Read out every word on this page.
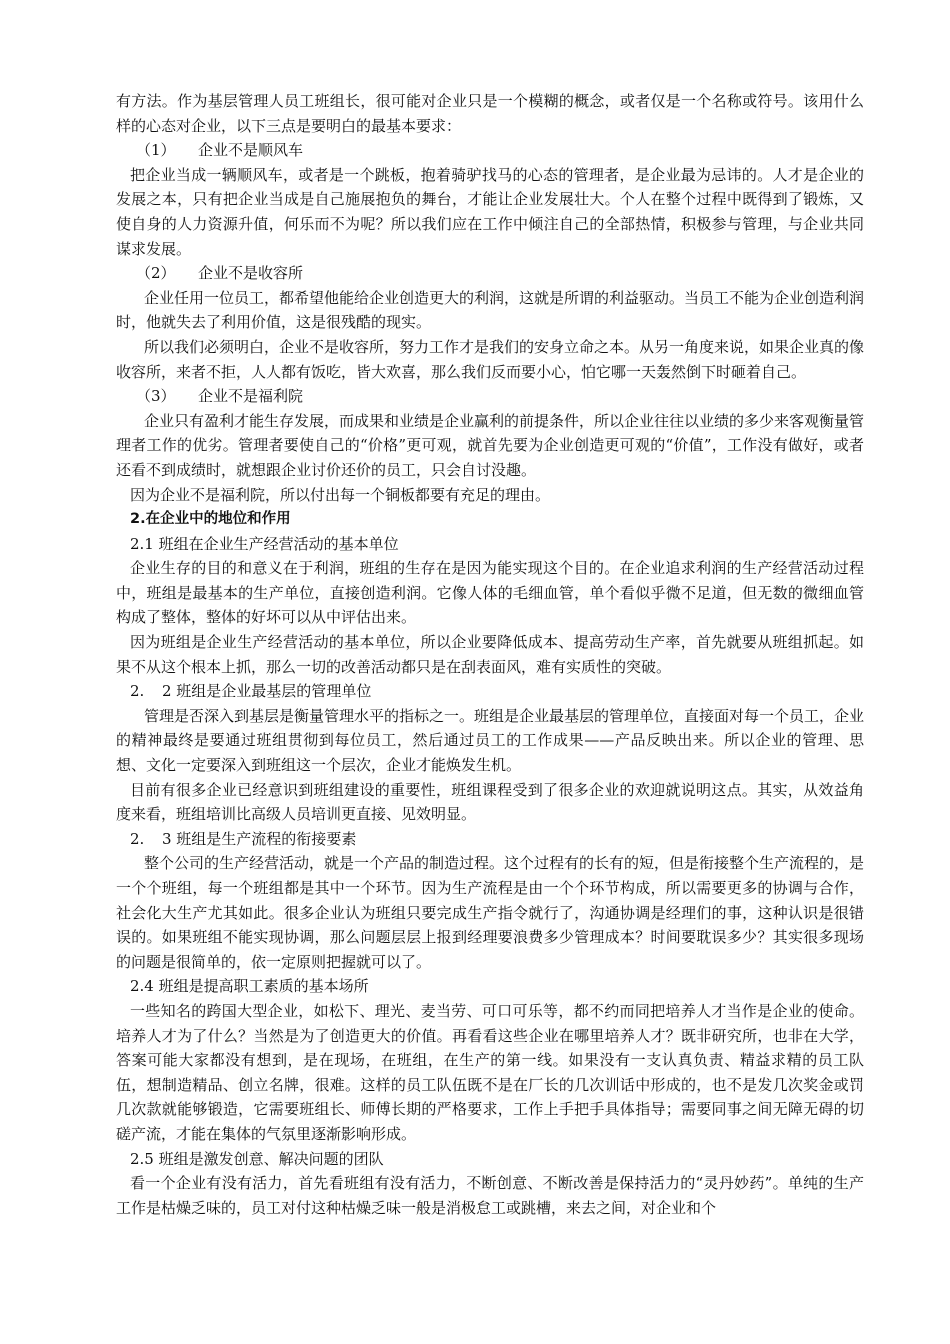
有方法。作为基层管理人员工班组长，很可能对企业只是一个模糊的概念，或者仅是一个名称或符号。该用什么样的心态对企业，以下三点是要明白的最基本要求：

（1） 企业不是顺风车

把企业当成一辆顺风车，或者是一个跳板，抱着骑驴找马的心态的管理者，是企业最为忌讳的。人才是企业的发展之本，只有把企业当成是自己施展抱负的舞台，才能让企业发展壮大。个人在整个过程中既得到了锻炼，又使自身的人力资源升值，何乐而不为呢？所以我们应在工作中倾注自己的全部热情，积极参与管理，与企业共同谋求发展。

（2） 企业不是收容所

企业任用一位员工，都希望他能给企业创造更大的利润，这就是所谓的利益驱动。当员工不能为企业创造利润时，他就失去了利用价值，这是很残酷的现实。

所以我们必须明白，企业不是收容所，努力工作才是我们的安身立命之本。从另一角度来说，如果企业真的像收容所，来者不拒，人人都有饭吃，皆大欢喜，那么我们反而要小心，怕它哪一天轰然倒下时砸着自己。

（3） 企业不是福利院

企业只有盈利才能生存发展，而成果和业绩是企业赢利的前提条件，所以企业往往以业绩的多少来客观衡量管理者工作的优劣。管理者要使自己的“价格”更可观，就首先要为企业创造更可观的“价值”，工作没有做好，或者还看不到成绩时，就想跟企业讨价还价的员工，只会自讨没趣。

因为企业不是福利院，所以付出每一个铜板都要有充足的理由。

2.在企业中的地位和作用

2.1 班组在企业生产经营活动的基本单位

企业生存的目的和意义在于利润，班组的生存在是因为能实现这个目的。在企业追求利润的生产经营活动过程中，班组是最基本的生产单位，直接创造利润。它像人体的毛细血管，单个看似乎微不足道，但无数的微细血管构成了整体，整体的好坏可以从中评估出来。

因为班组是企业生产经营活动的基本单位，所以企业要降低成本、提高劳动生产率，首先就要从班组抓起。如果不从这个根本上抓，那么一切的改善活动都只是在刮表面风，难有实质性的突破。

2. 2 班组是企业最基层的管理单位

管理是否深入到基层是衡量管理水平的指标之一。班组是企业最基层的管理单位，直接面对每一个员工，企业的精神最终是要通过班组贯彻到每位员工，然后通过员工的工作成果——产品反映出来。所以企业的管理、思想、文化一定要深入到班组这一个层次，企业才能焕发生机。

目前有很多企业已经意识到班组建设的重要性，班组课程受到了很多企业的欢迎就说明这点。其实，从效益角度来看，班组培训比高级人员培训更直接、见效明显。

2. 3 班组是生产流程的衔接要素

整个公司的生产经营活动，就是一个产品的制造过程。这个过程有的长有的短，但是衔接整个生产流程的，是一个个班组，每一个班组都是其中一个环节。因为生产流程是由一个个环节构成，所以需要更多的协调与合作，社会化大生产尤其如此。很多企业认为班组只要完成生产指令就行了，沟通协调是经理们的事，这种认识是很错误的。如果班组不能实现协调，那么问题层层上报到经理要浪费多少管理成本？时间要耽误多少？其实很多现场的问题是很简单的，依一定原则把握就可以了。

2.4 班组是提高职工素质的基本场所

一些知名的跨国大型企业，如松下、理光、麦当劳、可口可乐等，都不约而同把培养人才当作是企业的使命。培养人才为了什么？当然是为了创造更大的价值。再看看这些企业在哪里培养人才？既非研究所，也非在大学，答案可能大家都没有想到，是在现场，在班组，在生产的第一线。如果没有一支认真负责、精益求精的员工队伍，想制造精品、创立名牌，很难。这样的员工队伍既不是在厂长的几次训话中形成的，也不是发几次奖金或罚几次款就能够锻造，它需要班组长、师傅长期的严格要求，工作上手把手具体指导；需要同事之间无障无碍的切磋产流，才能在集体的气氛里逐渐影响形成。

2.5 班组是激发创意、解决问题的团队

看一个企业有没有活力，首先看班组有没有活力，不断创意、不断改善是保持活力的“灵丹妙药”。单纯的生产工作是枯燥乏味的，员工对付这种枯燥乏味一般是消极怠工或跳槽，来去之间，对企业和个
